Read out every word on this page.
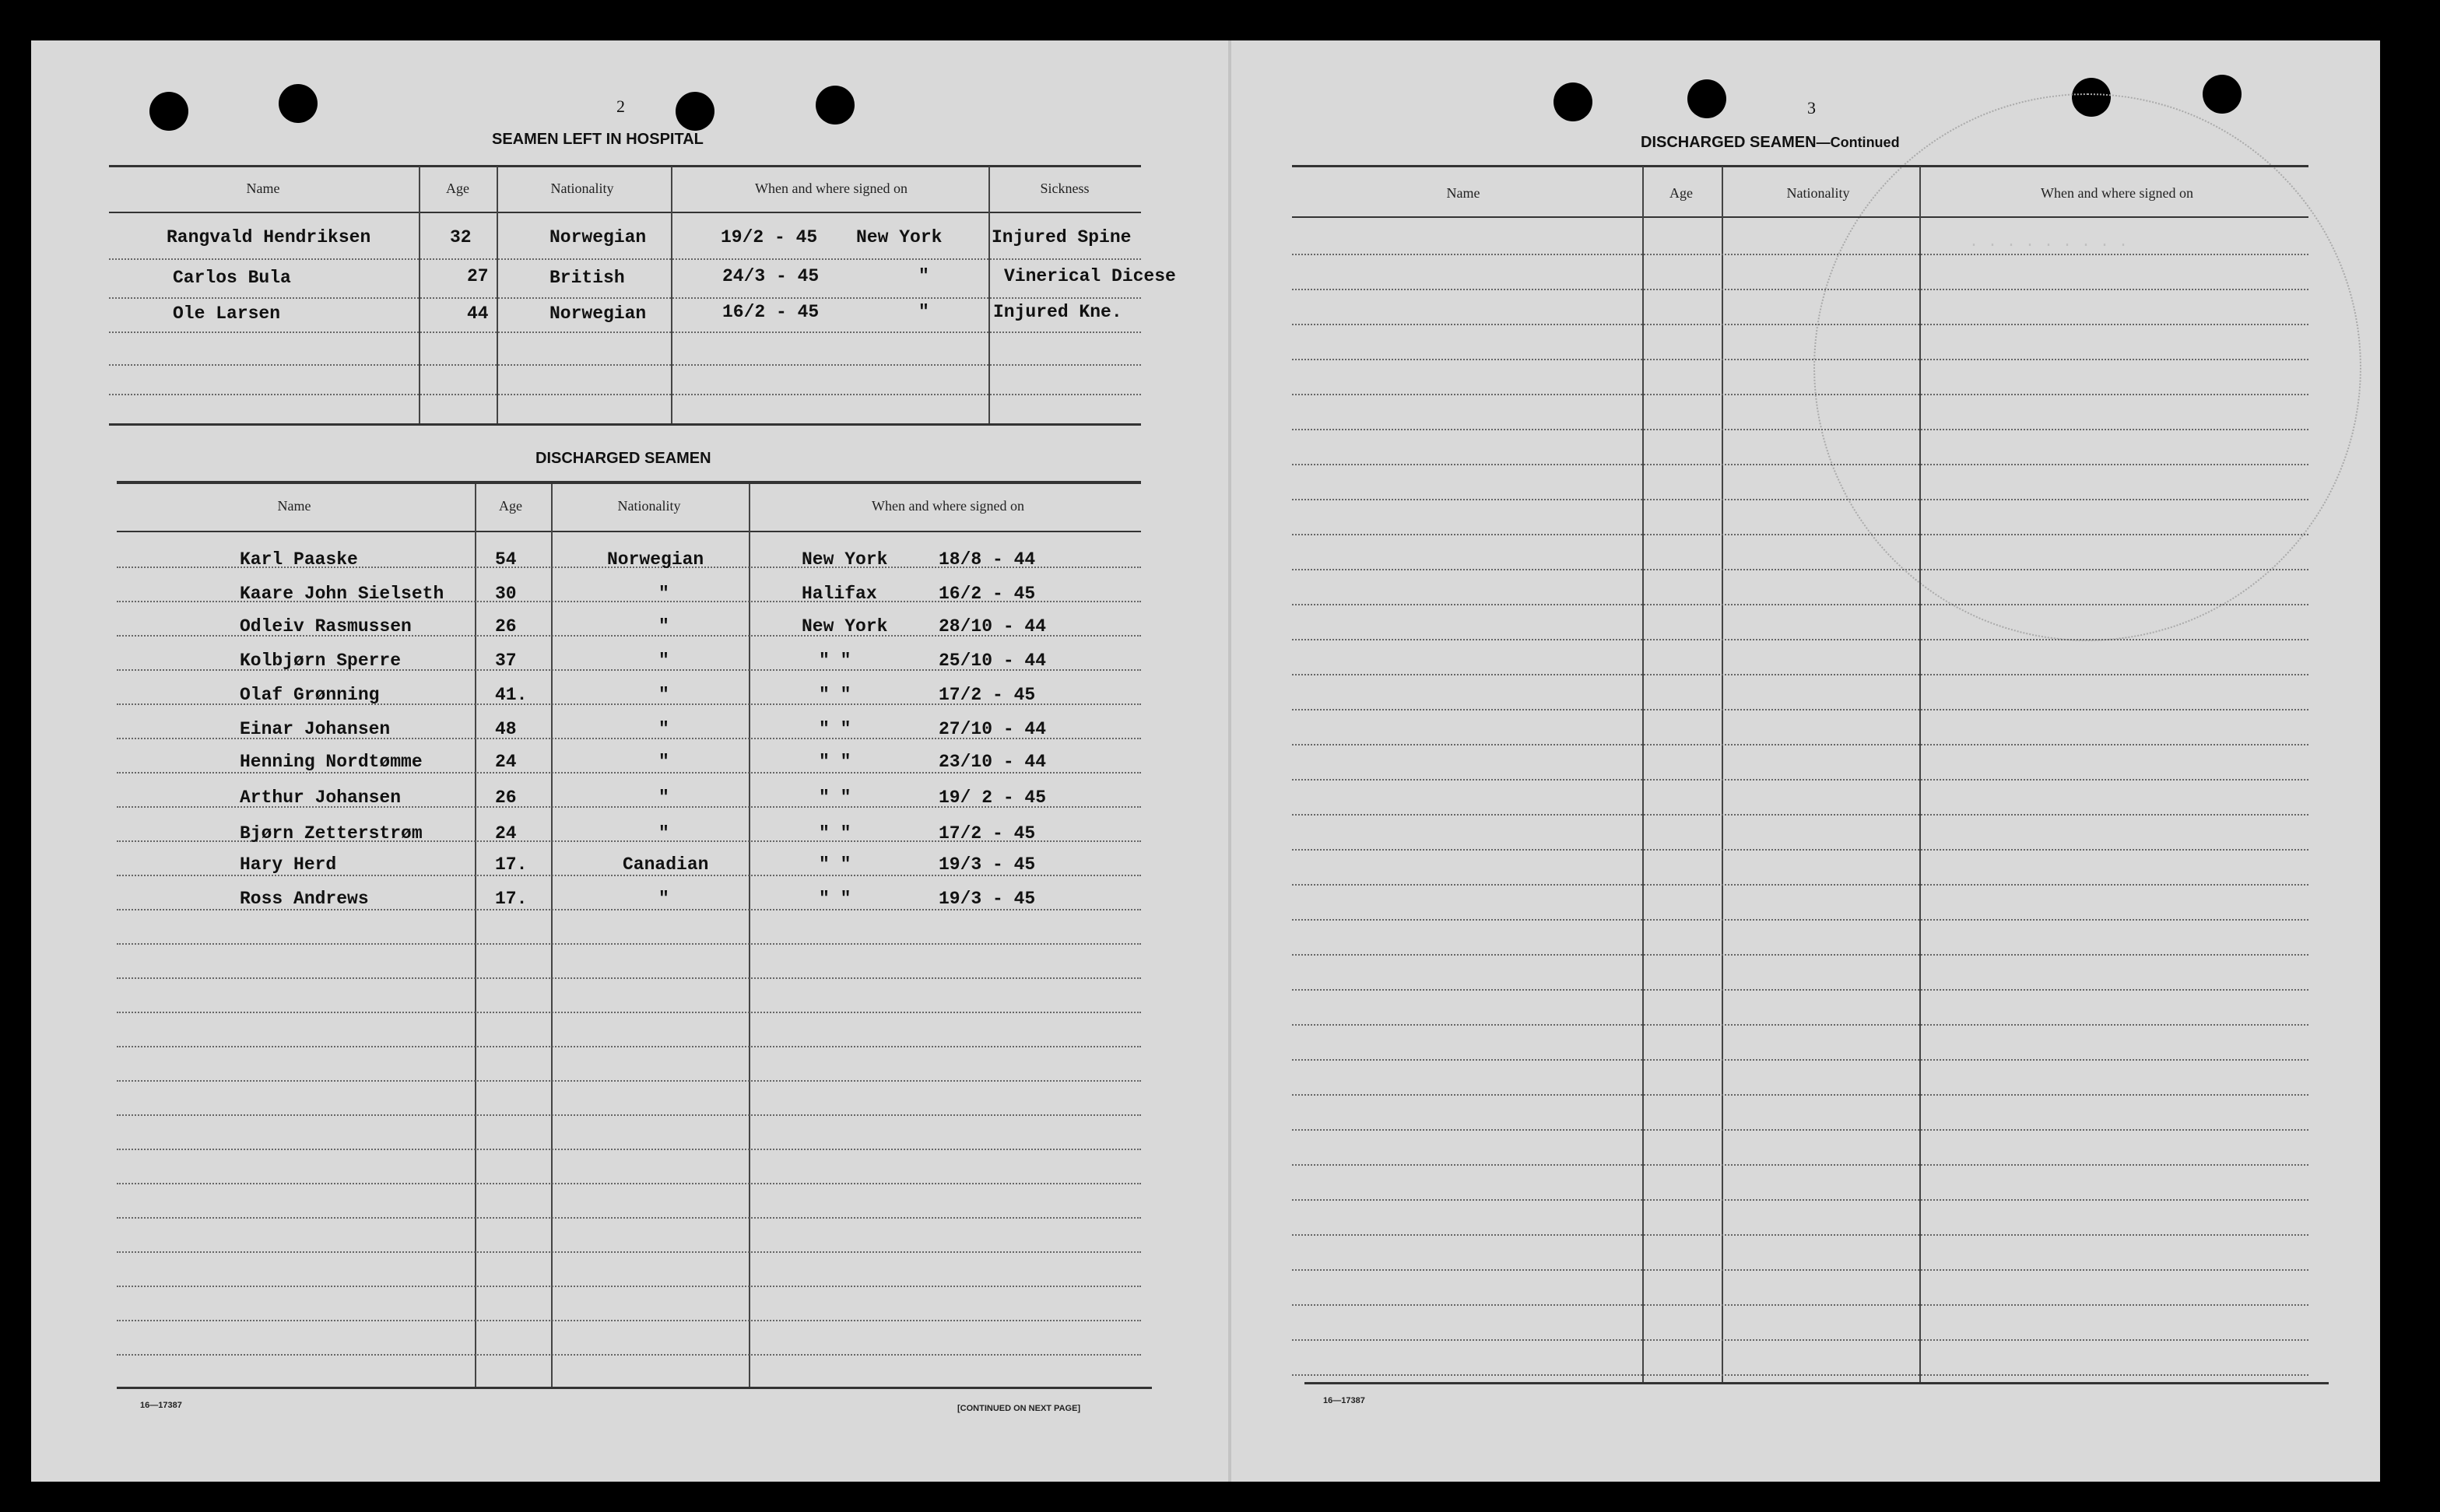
. . . . . . . . .
2
SEAMEN LEFT IN HOSPITAL
Name	Age	Nationality	When and where signed on	Sickness
Rangvald Hendriksen	32	Norwegian	19/2 - 45 New York	Injured Spine
Carlos Bula	27	British	24/3 - 45	"	Vinerical Dicese
Ole Larsen	44	Norwegian	16/2 - 45	"	Injured Kne.
DISCHARGED SEAMEN
Name	Age	Nationality	When and where signed on
Karl Paaske	54	Norwegian	New York	18/8 - 44
Kaare John Sielseth	30	"	Halifax	16/2 - 45
Odleiv Rasmussen	26	"	New York	28/10 - 44
Kolbjørn Sperre	37	"	" "	25/10 - 44
Olaf Grønning	41.	"	" "	17/2 - 45
Einar Johansen	48	"	" "	27/10 - 44
Henning Nordtømme	24	"	" "	23/10 - 44
Arthur Johansen	26	"	" "	19/ 2 - 45
Bjørn Zetterstrøm	24	"	" "	17/2 - 45
Hary Herd	17.	Canadian	" "	19/3 - 45
Ross Andrews	17.	"	" "	19/3 - 45
16—17387	[CONTINUED ON NEXT PAGE]
3
DISCHARGED SEAMEN—Continued
Name	Age	Nationality	When and where signed on
16—17387
